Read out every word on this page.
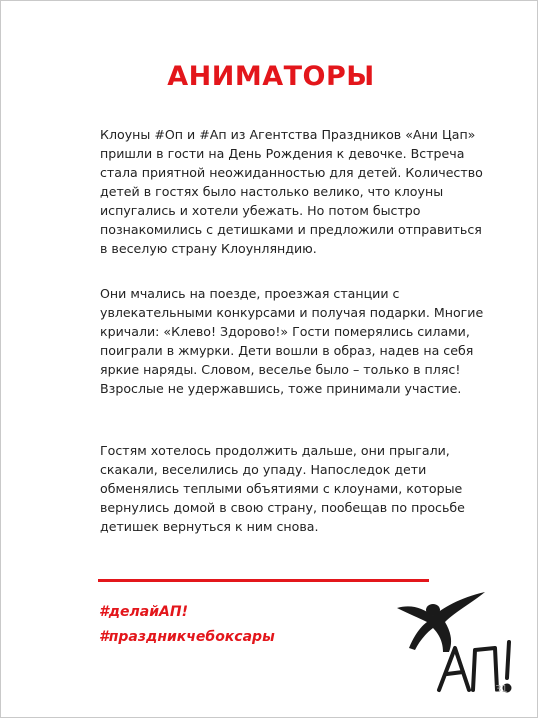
АНИМАТОРЫ

Клоуны #Оп и #Ап из Агентства Праздников «Ани Цап» пришли в гости на День Рождения к девочке. Встреча стала приятной неожиданностью для детей. Количество детей в гостях было настолько велико, что клоуны испугались и хотели убежать. Но потом быстро познакомились с детишками и предложили отправиться в веселую страну Клоунляндию.

Они мчались на поезде, проезжая станции с увлекательными конкурсами и получая подарки. Многие кричали: «Клево! Здорово!» Гости померялись силами, поиграли в жмурки. Дети вошли в образ, надев на себя яркие наряды. Словом, веселье было – только в пляс! Взрослые не удержавшись, тоже принимали участие.

Гостям хотелось продолжить дальше, они прыгали, скакали, веселились до упаду. Напоследок дети обменялись теплыми объятиями с клоунами, которые вернулись домой в свою страну, пообещав по просьбе детишек вернуться к ним снова.

#делайАП!
#праздникчебоксары
31
